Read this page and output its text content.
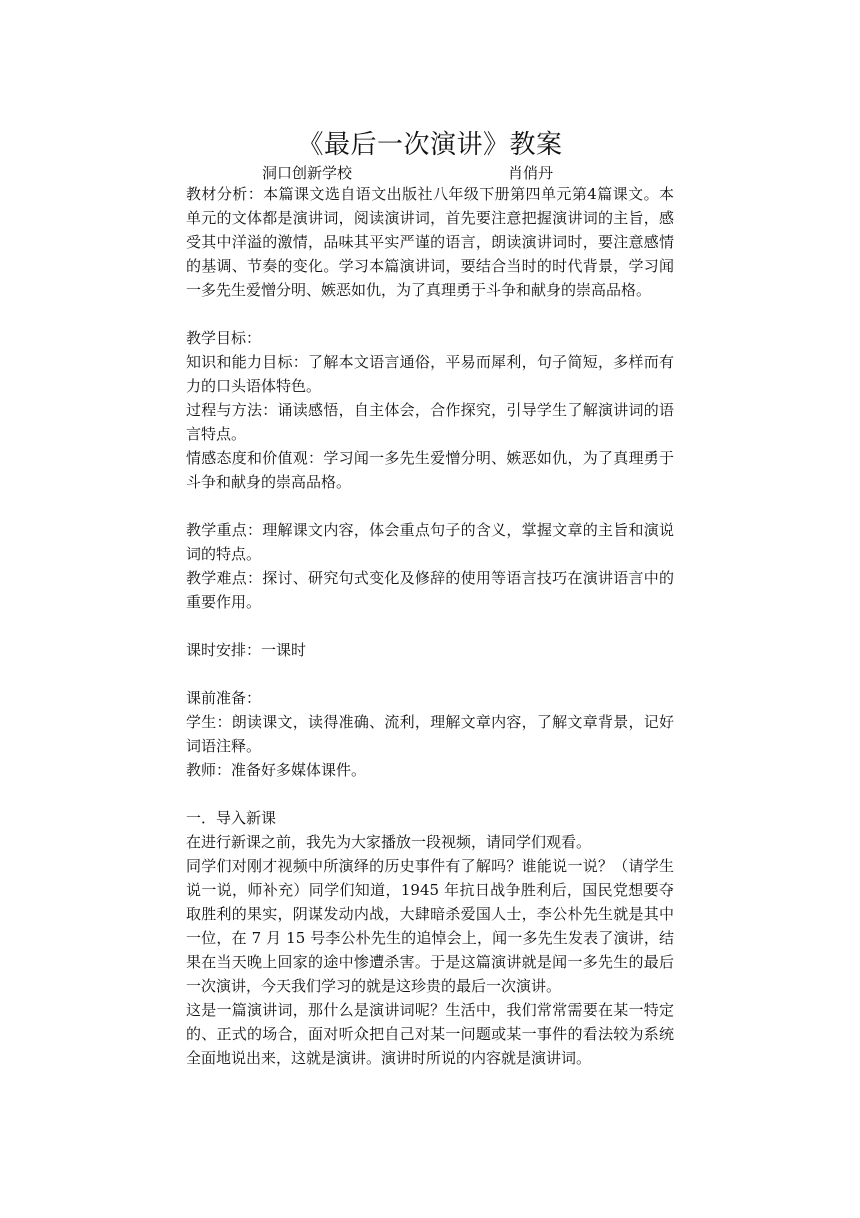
《最后一次演讲》教案
洞口创新学校	肖俏丹

教材分析：本篇课文选自语文出版社八年级下册第四单元第4篇课文。本单元的文体都是演讲词，阅读演讲词，首先要注意把握演讲词的主旨，感受其中洋溢的激情，品味其平实严谨的语言，朗读演讲词时，要注意感情的基调、节奏的变化。学习本篇演讲词，要结合当时的时代背景，学习闻一多先生爱憎分明、嫉恶如仇，为了真理勇于斗争和献身的崇高品格。

教学目标：

知识和能力目标：了解本文语言通俗，平易而犀利，句子简短，多样而有力的口头语体特色。

过程与方法：诵读感悟，自主体会，合作探究，引导学生了解演讲词的语言特点。

情感态度和价值观：学习闻一多先生爱憎分明、嫉恶如仇，为了真理勇于斗争和献身的崇高品格。

教学重点：理解课文内容，体会重点句子的含义，掌握文章的主旨和演说词的特点。

教学难点：探讨、研究句式变化及修辞的使用等语言技巧在演讲语言中的重要作用。

课时安排：一课时

课前准备：

学生：朗读课文，读得准确、流利，理解文章内容，了解文章背景，记好词语注释。

教师：准备好多媒体课件。

一．导入新课

在进行新课之前，我先为大家播放一段视频，请同学们观看。

同学们对刚才视频中所演绎的历史事件有了解吗？谁能说一说？（请学生说一说，师补充）同学们知道，1945 年抗日战争胜利后，国民党想要夺取胜利的果实，阴谋发动内战，大肆暗杀爱国人士，李公朴先生就是其中一位，在 7 月 15 号李公朴先生的追悼会上，闻一多先生发表了演讲，结果在当天晚上回家的途中惨遭杀害。于是这篇演讲就是闻一多先生的最后一次演讲，今天我们学习的就是这珍贵的最后一次演讲。

这是一篇演讲词，那什么是演讲词呢？生活中，我们常常需要在某一特定的、正式的场合，面对听众把自己对某一问题或某一事件的看法较为系统全面地说出来，这就是演讲。演讲时所说的内容就是演讲词。
